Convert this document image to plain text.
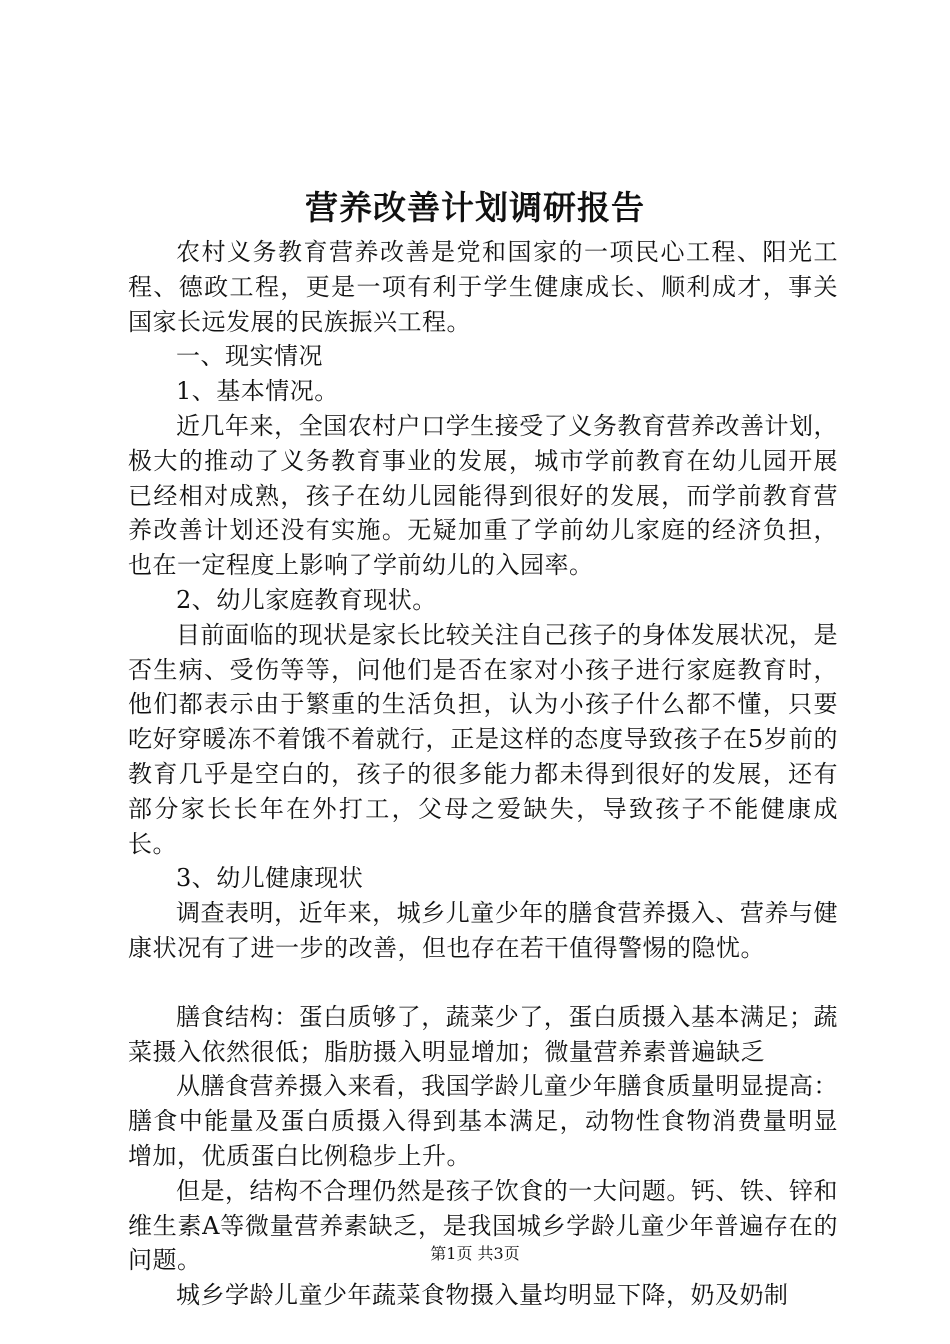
营养改善计划调研报告

农村义务教育营养改善是党和国家的一项民心工程、阳光工程、德政工程，更是一项有利于学生健康成长、顺利成才，事关国家长远发展的民族振兴工程。

一、现实情况

1、基本情况。

近几年来，全国农村户口学生接受了义务教育营养改善计划，极大的推动了义务教育事业的发展，城市学前教育在幼儿园开展已经相对成熟，孩子在幼儿园能得到很好的发展，而学前教育营养改善计划还没有实施。无疑加重了学前幼儿家庭的经济负担，也在一定程度上影响了学前幼儿的入园率。

2、幼儿家庭教育现状。

目前面临的现状是家长比较关注自己孩子的身体发展状况，是否生病、受伤等等，问他们是否在家对小孩子进行家庭教育时，他们都表示由于繁重的生活负担，认为小孩子什么都不懂，只要吃好穿暖冻不着饿不着就行，正是这样的态度导致孩子在5岁前的教育几乎是空白的，孩子的很多能力都未得到很好的发展，还有部分家长长年在外打工，父母之爱缺失，导致孩子不能健康成长。

3、幼儿健康现状

调查表明，近年来，城乡儿童少年的膳食营养摄入、营养与健康状况有了进一步的改善，但也存在若干值得警惕的隐忧。

膳食结构：蛋白质够了，蔬菜少了，蛋白质摄入基本满足；蔬菜摄入依然很低；脂肪摄入明显增加；微量营养素普遍缺乏

从膳食营养摄入来看，我国学龄儿童少年膳食质量明显提高：膳食中能量及蛋白质摄入得到基本满足，动物性食物消费量明显增加，优质蛋白比例稳步上升。

但是，结构不合理仍然是孩子饮食的一大问题。钙、铁、锌和维生素A等微量营养素缺乏，是我国城乡学龄儿童少年普遍存在的问题。

城乡学龄儿童少年蔬菜食物摄入量均明显下降，奶及奶制

第1页 共3页
